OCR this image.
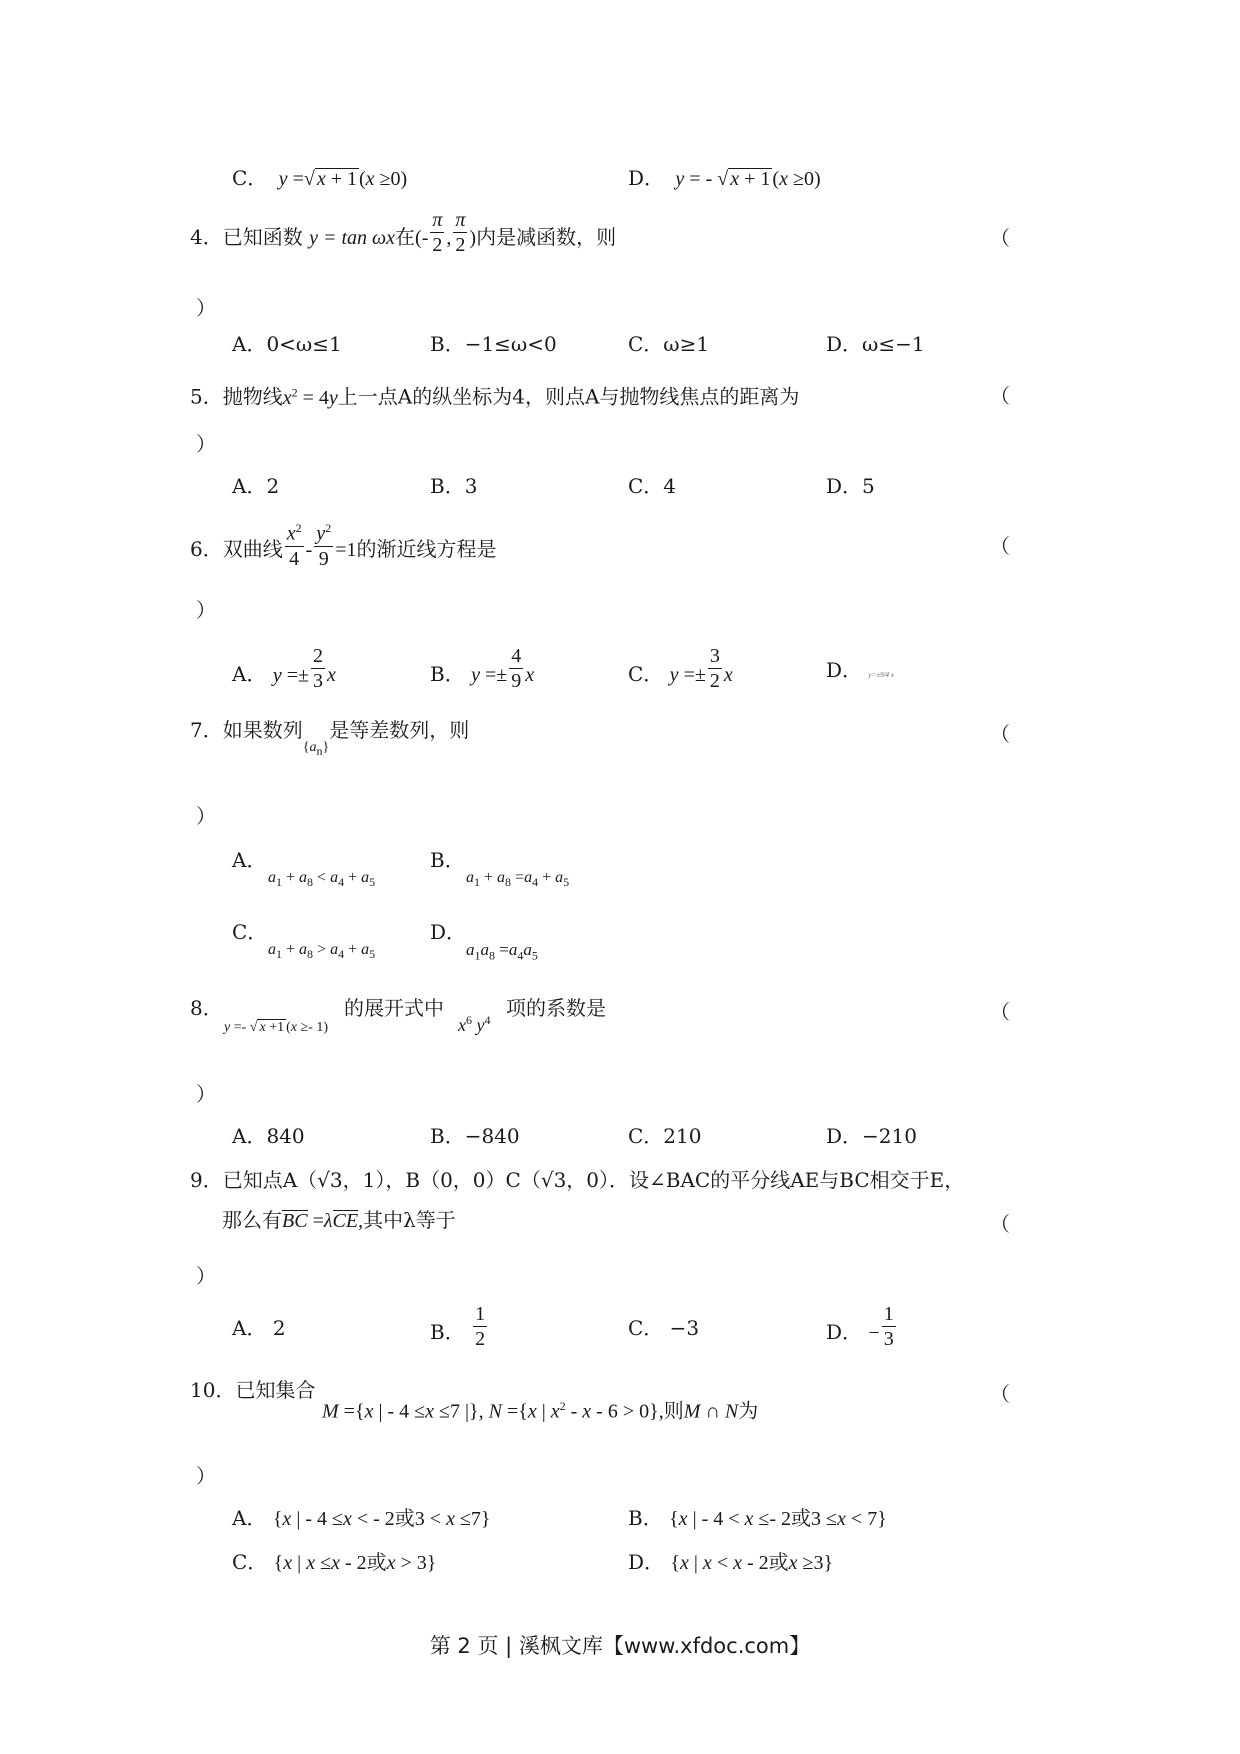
C．  y =√ x + 1 (x ≥0)	D．  y = - √ x + 1 (x ≥0)
4．已知函数 y = tan ωx在(- $\frac{\pi}{2}$ , $\frac{\pi}{2}$ )内是减函数，则	（
）
A．0<ω≤1	B．−1≤ω<0	C．ω≥1	D．ω≤−1
5．抛物线$x^2 = 4y$上一点A的纵坐标为4，则点A与抛物线焦点的距离为	（
）
A．2	B．3	C．4	D．5
6．双曲线 $\frac{x^2}{4} - \frac{y^2}{9} =1$的渐近线方程是	（
）
A． $y =\pm \frac{2}{3}$ x	B． $y =\pm \frac{4}{9}$ x	C． $y =\pm \frac{3}{2}$ x	D． y=±9/4 x
7．如果数列$_{\{a_n\}}$是等差数列，则	（
）
A．
$a_1 + a_8 < a_4 + a_5$
B．
$a_1 + a_8 =a_4 + a_5$
C．
$a_1 + a_8 > a_4 + a_5$
D．
$a_1a_8 =a_4a_5$
8．
y =- √ x +1 (x ≥- 1)
的展开式中
$x^6$ $y^4$ 项的系数是	（
）
A．840	B．−840	C．210	D．−210
9．已知点A（√3，1），B（0，0）C（√3，0）．设∠BAC的平分线AE与BC相交于E，
那么有BC =λCE,其中λ等于	（
）
A． 2	B． $\frac{1}{2}$	C． −3	D． − $\frac{1}{3}$
10．已知集合
M ={x | - 4 ≤x ≤7 |}, N ={x | $x^2 - x - 6 > 0$},则M ∩ N为
（
）
A． {x | - 4 ≤x < - 2或3 < x ≤7}	B． {x | - 4 < x ≤- 2或3 ≤x < 7}
C． {x | x ≤x - 2或x > 3}	D． {x | x < x - 2或x ≥3}
第 2 页 | 溪枫文库【www.xfdoc.com】
